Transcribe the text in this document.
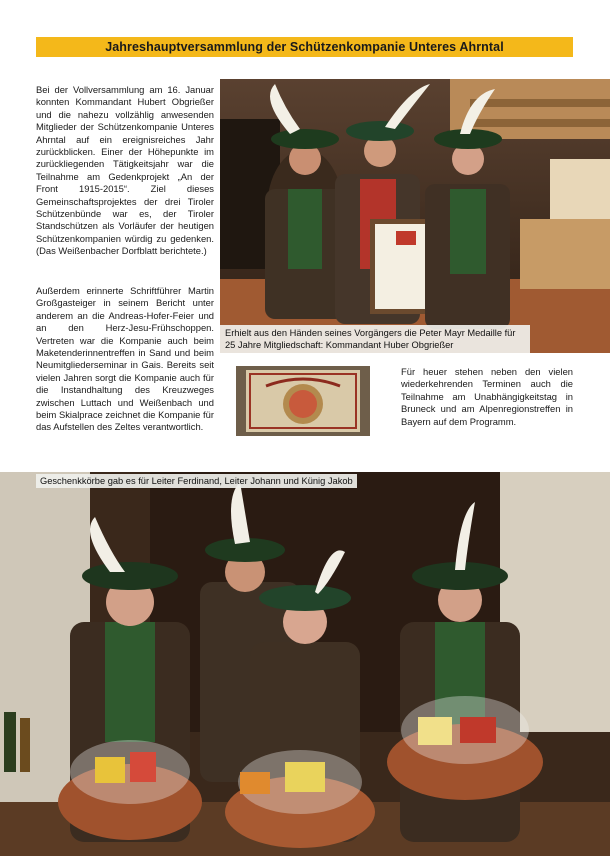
Jahreshauptversammlung der Schützenkompanie Unteres Ahrntal

Bei der Vollversammlung am 16. Januar konnten Kommandant Hubert Obgrießer und die nahezu vollzählig anwesenden Mitglieder der Schützenkompanie Unteres Ahrntal auf ein ereignisreiches Jahr zurückblicken. Einer der Höhepunkte im zurückliegenden Tätigkeitsjahr war die Teilnahme am Gedenkprojekt „An der Front 1915-2015“. Ziel dieses Gemeinschaftsprojektes der drei Tiroler Schützenbünde war es, der Tiroler Standschützen als Vorläufer der heutigen Schützenkompanien würdig zu gedenken. (Das Weißenbacher Dorfblatt berichtete.)

Außerdem erinnerte Schriftführer Martin Großgasteiger in seinem Bericht unter anderem an die Andreas-Hofer-Feier und an den Herz-Jesu-Frühschoppen. Vertreten war die Kompanie auch beim Maketenderinnentreffen in Sand und beim Neumitgliederseminar in Gais. Bereits seit vielen Jahren sorgt die Kompanie auch für die Instandhaltung des Kreuzweges zwischen Luttach und Weißenbach und beim Skialprace zeichnet die Kompanie für das Aufstellen des Zeltes verantwortlich.

Erhielt aus den Händen seines Vorgängers die Peter Mayr Medaille für 25 Jahre Mitgliedschaft: Kommandant Huber Obgrießer
Für heuer stehen neben den vielen wiederkehrenden Terminen auch die Teilnahme am Unabhängigkeitstag in Bruneck und am Alpenregionstreffen in Bayern auf dem Programm.
Geschenkkörbe gab es für Leiter Ferdinand, Leiter Johann und Künig Jakob
